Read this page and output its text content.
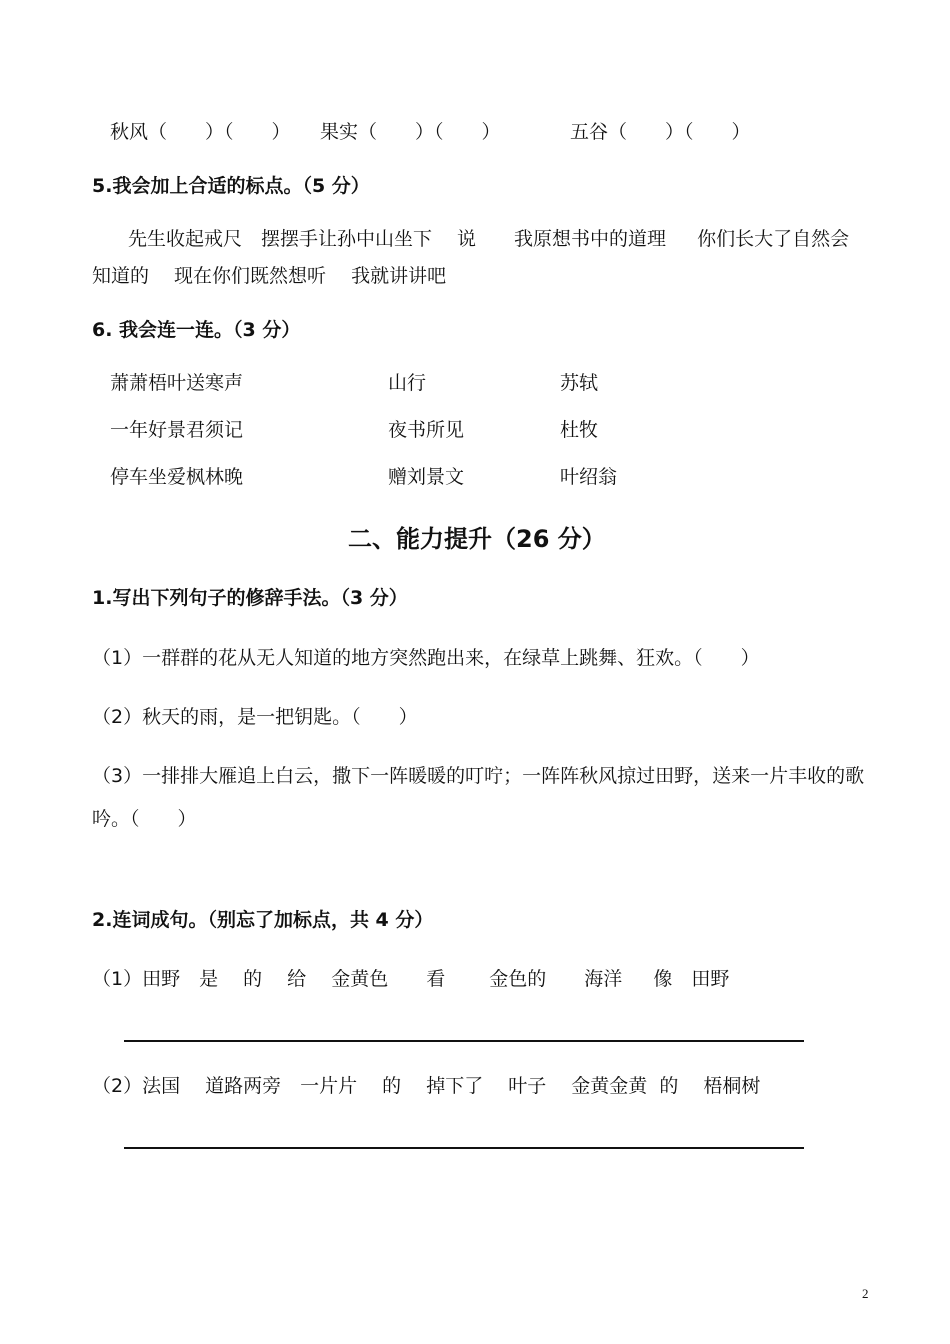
秋风（　　）（　　） 果实（　　）（　　）	五谷（　　）（　　）
5.我会加上合适的标点。（5 分）
先生收起戒尺　摆摆手让孙中山坐下　 说　　我原想书中的道理　  你们长大了自然会
知道的　 现在你们既然想听　 我就讲讲吧
6. 我会连一连。（3 分）
萧萧梧叶送寒声	山行	苏轼
一年好景君须记	夜书所见	杜牧
停车坐爱枫林晚	赠刘景文	叶绍翁
二、能力提升（26 分）
1.写出下列句子的修辞手法。（3 分）
（1）一群群的花从无人知道的地方突然跑出来，在绿草上跳舞、狂欢。（　　）
（2）秋天的雨，是一把钥匙。（　　）
（3）一排排大雁追上白云，撒下一阵暖暖的叮咛；一阵阵秋风掠过田野，送来一片丰收的歌
吟。（　　）
2.连词成句。（别忘了加标点，共 4 分）
（1）田野　是　 的　 给　 金黄色　　看　　 金色的　　海洋　  像　田野
（2）法国　 道路两旁　一片片　 的　 掉下了　 叶子　 金黄金黄  的　 梧桐树
2
